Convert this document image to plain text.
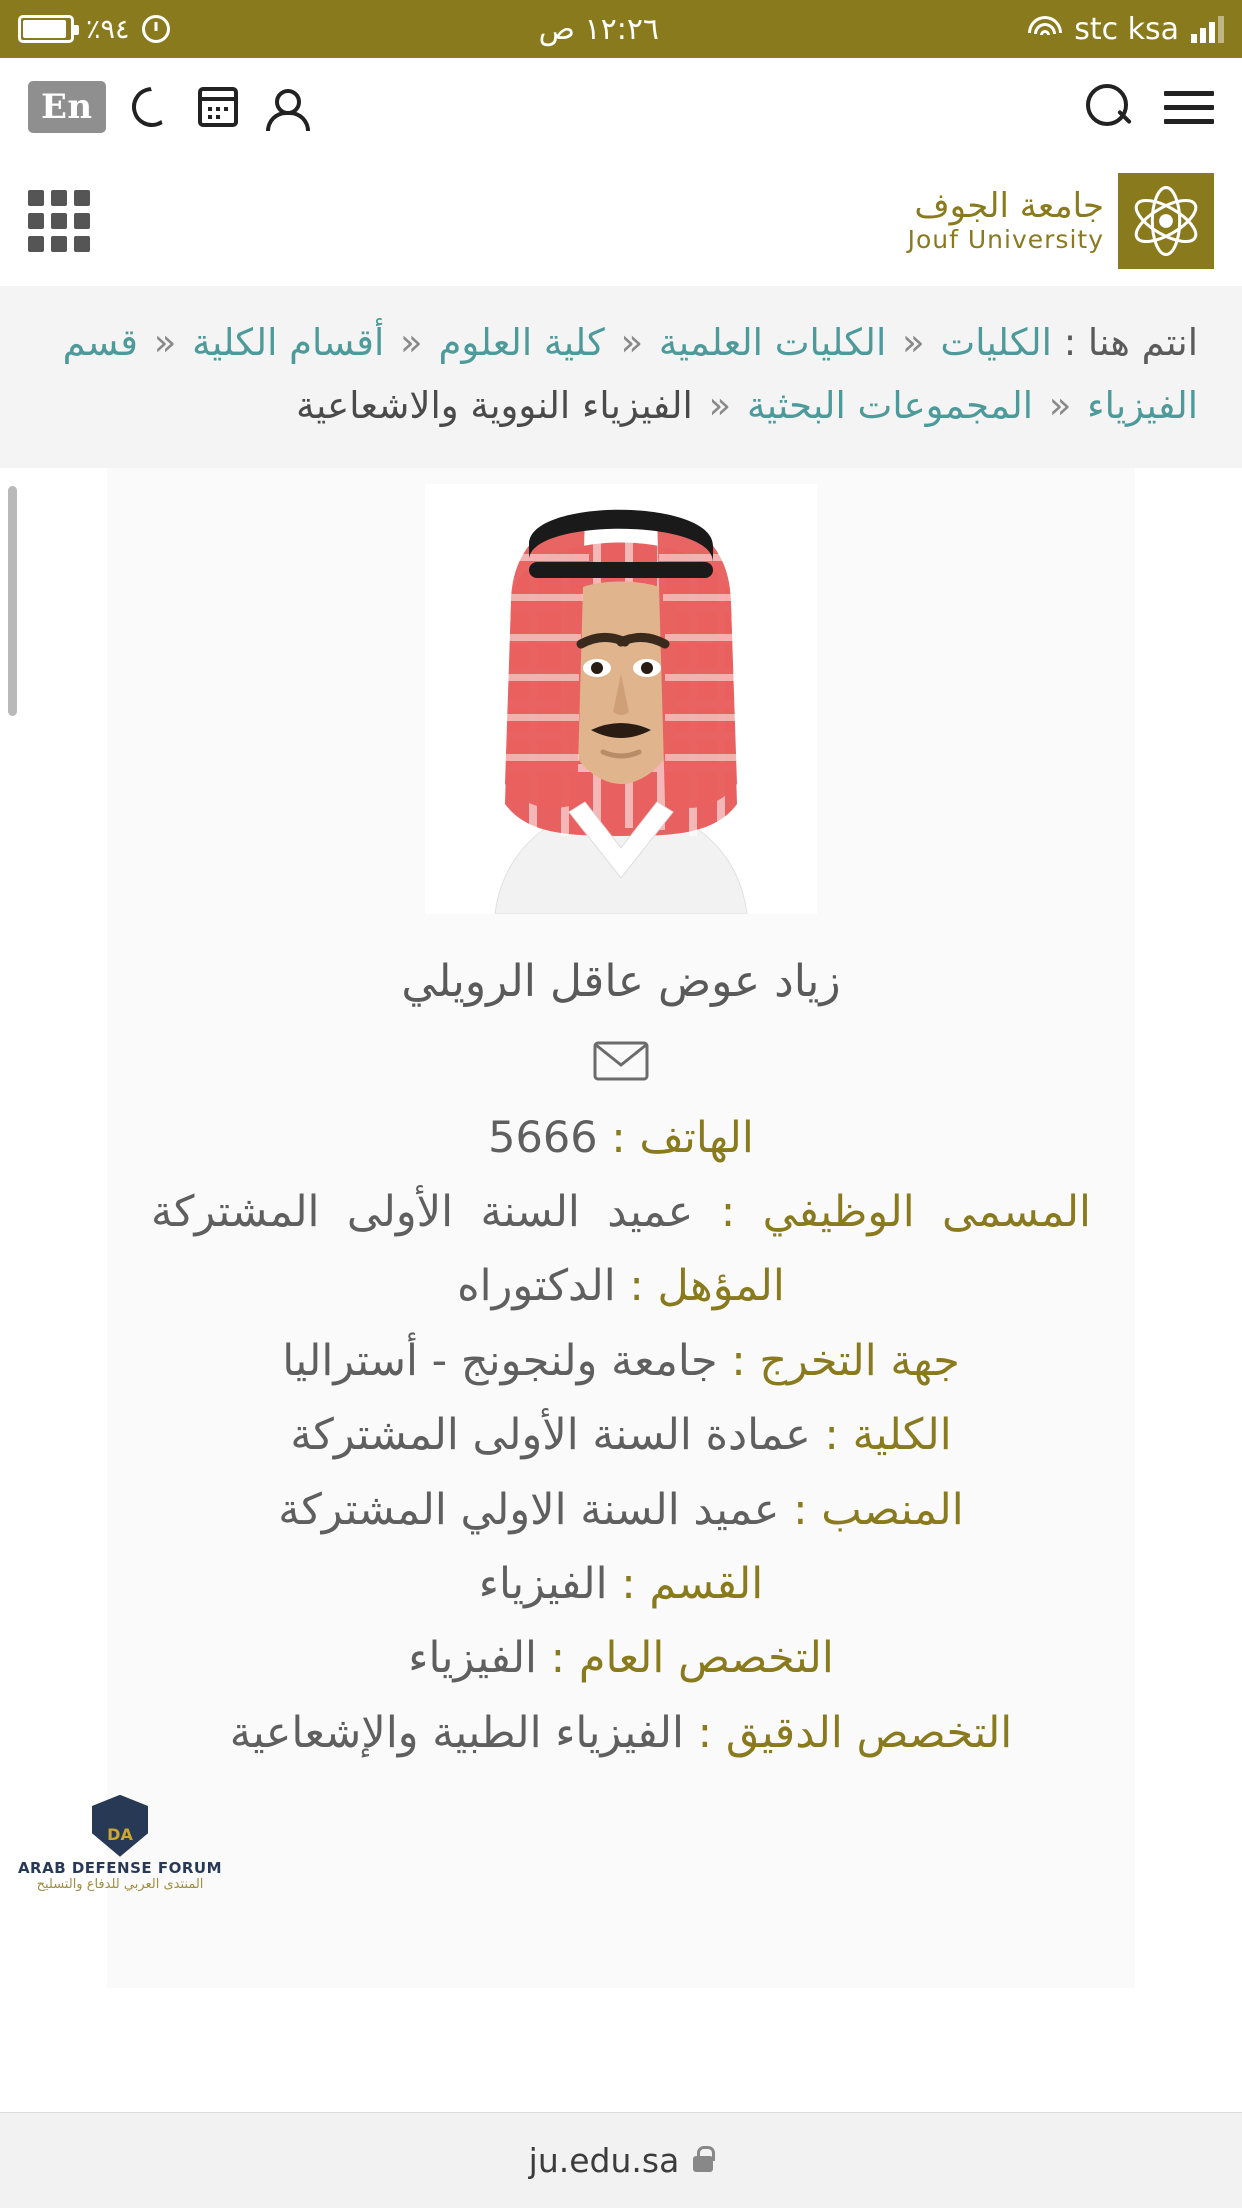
٪٩٤	١٢:٢٦ ص	stc ksa
En
جامعة الجوف
Jouf University
انتم هنا : الكليات « الكليات العلمية « كلية العلوم « أقسام الكلية « قسم الفيزياء « المجموعات البحثية « الفيزياء النووية والاشعاعية
زياد عوض عاقل الرويلي
الهاتف : 5666
المسمى الوظيفي : عميد السنة الأولى المشتركة
المؤهل : الدكتوراه
جهة التخرج : جامعة ولنجونج - أستراليا
الكلية : عمادة السنة الأولى المشتركة
المنصب : عميد السنة الاولي المشتركة
القسم : الفيزياء
التخصص العام : الفيزياء
التخصص الدقيق : الفيزياء الطبية والإشعاعية
DA
ARAB DEFENSE FORUM
المنتدى العربي للدفاع والتسليح
ju.edu.sa
